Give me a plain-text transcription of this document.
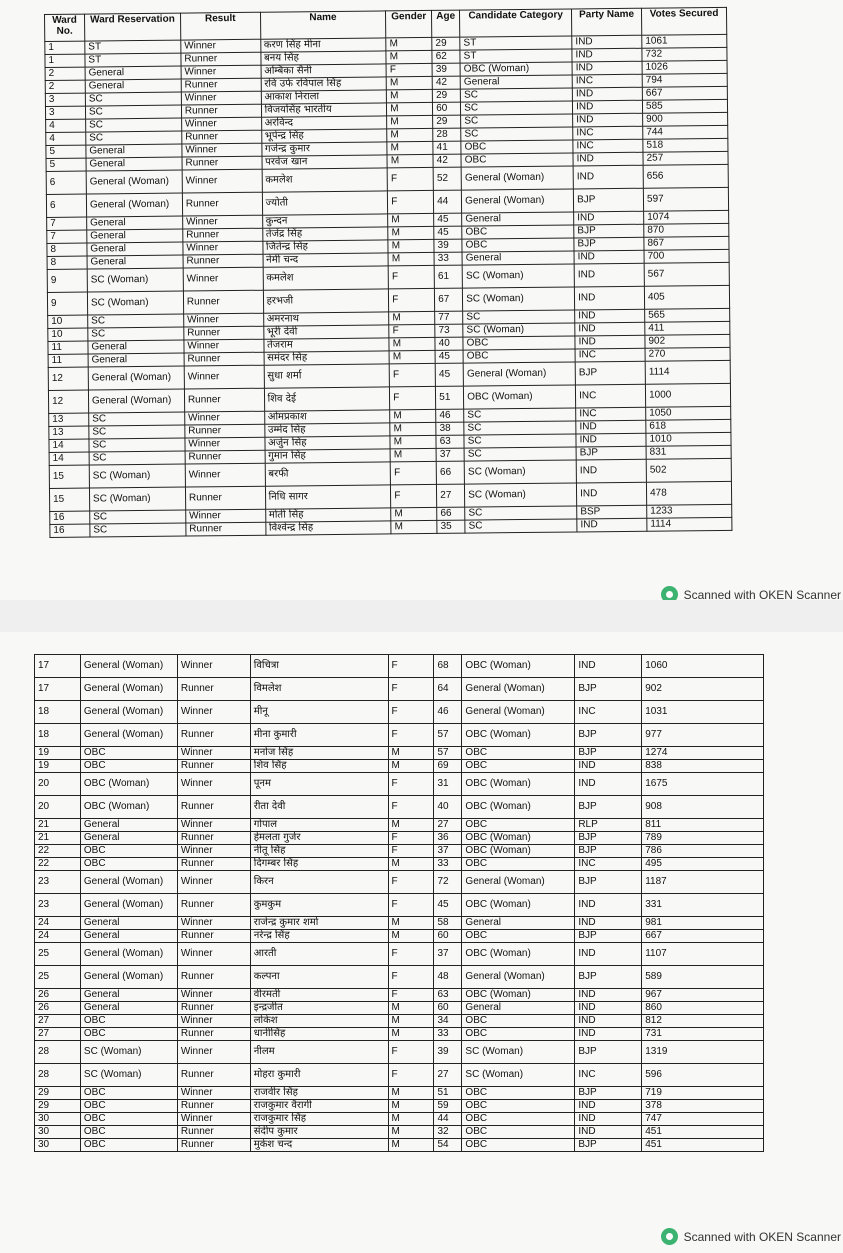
Ward No.	Ward Reservation	Result	Name	Gender	Age	Candidate Category	Party Name	Votes Secured
1	ST	Winner	करण सिंह मीना	M	29	ST	IND	1061
1	ST	Runner	बनय सिंह	M	62	ST	IND	732
2	General	Winner	अम्बिका सैनी	F	39	OBC (Woman)	IND	1026
2	General	Runner	रवि उर्फ रविपाल सिंह	M	42	General	INC	794
3	SC	Winner	आकाश निराला	M	29	SC	IND	667
3	SC	Runner	विजयसिंह भारतीय	M	60	SC	IND	585
4	SC	Winner	अरविन्द	M	29	SC	IND	900
4	SC	Runner	भूपेन्द्र सिंह	M	28	SC	INC	744
5	General	Winner	गजेन्द्र कुमार	M	41	OBC	INC	518
5	General	Runner	परवेज खान	M	42	OBC	IND	257
6	General (Woman)	Winner	कमलेश	F	52	General (Woman)	IND	656
6	General (Woman)	Runner	ज्योती	F	44	General (Woman)	BJP	597
7	General	Winner	कुन्दन	M	45	General	IND	1074
7	General	Runner	तेजेंद्र सिंह	M	45	OBC	BJP	870
8	General	Winner	जितेन्द्र सिंह	M	39	OBC	BJP	867
8	General	Runner	नेमी चन्द	M	33	General	IND	700
9	SC (Woman)	Winner	कमलेश	F	61	SC (Woman)	IND	567
9	SC (Woman)	Runner	हरभजी	F	67	SC (Woman)	IND	405
10	SC	Winner	अमरनाथ	M	77	SC	IND	565
10	SC	Runner	भूरी देवी	F	73	SC (Woman)	IND	411
11	General	Winner	तेजराम	M	40	OBC	IND	902
11	General	Runner	समंदर सिंह	M	45	OBC	INC	270
12	General (Woman)	Winner	सुधा शर्मा	F	45	General (Woman)	BJP	1114
12	General (Woman)	Runner	शिव देई	F	51	OBC (Woman)	INC	1000
13	SC	Winner	ओमप्रकाश	M	46	SC	INC	1050
13	SC	Runner	उम्मेद सिंह	M	38	SC	IND	618
14	SC	Winner	अर्जुन सिंह	M	63	SC	IND	1010
14	SC	Runner	गुमान सिंह	M	37	SC	BJP	831
15	SC (Woman)	Winner	बरफी	F	66	SC (Woman)	IND	502
15	SC (Woman)	Runner	निधि सागर	F	27	SC (Woman)	IND	478
16	SC	Winner	मोती सिंह	M	66	SC	BSP	1233
16	SC	Runner	विश्वेन्द्र सिंह	M	35	SC	IND	1114
Scanned with OKEN Scanner
17	General (Woman)	Winner	विचित्रा	F	68	OBC (Woman)	IND	1060
17	General (Woman)	Runner	विमलेश	F	64	General (Woman)	BJP	902
18	General (Woman)	Winner	मीनू	F	46	General (Woman)	INC	1031
18	General (Woman)	Runner	मीना कुमारी	F	57	OBC (Woman)	BJP	977
19	OBC	Winner	मनोज सिंह	M	57	OBC	BJP	1274
19	OBC	Runner	शिव सिंह	M	69	OBC	IND	838
20	OBC (Woman)	Winner	पूनम	F	31	OBC (Woman)	IND	1675
20	OBC (Woman)	Runner	रीता देवी	F	40	OBC (Woman)	BJP	908
21	General	Winner	गोपाल	M	27	OBC	RLP	811
21	General	Runner	हेमलता गुर्जर	F	36	OBC (Woman)	BJP	789
22	OBC	Winner	नीतू सिंह	F	37	OBC (Woman)	BJP	786
22	OBC	Runner	दिगम्बर सिंह	M	33	OBC	INC	495
23	General (Woman)	Winner	किरन	F	72	General (Woman)	BJP	1187
23	General (Woman)	Runner	कुमकुम	F	45	OBC (Woman)	IND	331
24	General	Winner	राजेन्द्र कुमार शर्मा	M	58	General	IND	981
24	General	Runner	नरेन्द्र सिंह	M	60	OBC	BJP	667
25	General (Woman)	Winner	आरती	F	37	OBC (Woman)	IND	1107
25	General (Woman)	Runner	कल्पना	F	48	General (Woman)	BJP	589
26	General	Winner	वीरमती	F	63	OBC (Woman)	IND	967
26	General	Runner	इन्द्रजीत	M	60	General	IND	860
27	OBC	Winner	लोकेश	M	34	OBC	IND	812
27	OBC	Runner	धानीसिंह	M	33	OBC	IND	731
28	SC (Woman)	Winner	नीलम	F	39	SC (Woman)	BJP	1319
28	SC (Woman)	Runner	मोहरा कुमारी	F	27	SC (Woman)	INC	596
29	OBC	Winner	राजवीर सिंह	M	51	OBC	BJP	719
29	OBC	Runner	राजकुमार वैरागी	M	59	OBC	IND	378
30	OBC	Winner	राजकुमार सिंह	M	44	OBC	IND	747
30	OBC	Runner	संदीप कुमार	M	32	OBC	IND	451
30	OBC	Runner	मुकेश चन्द	M	54	OBC	BJP	451
Scanned with OKEN Scanner
